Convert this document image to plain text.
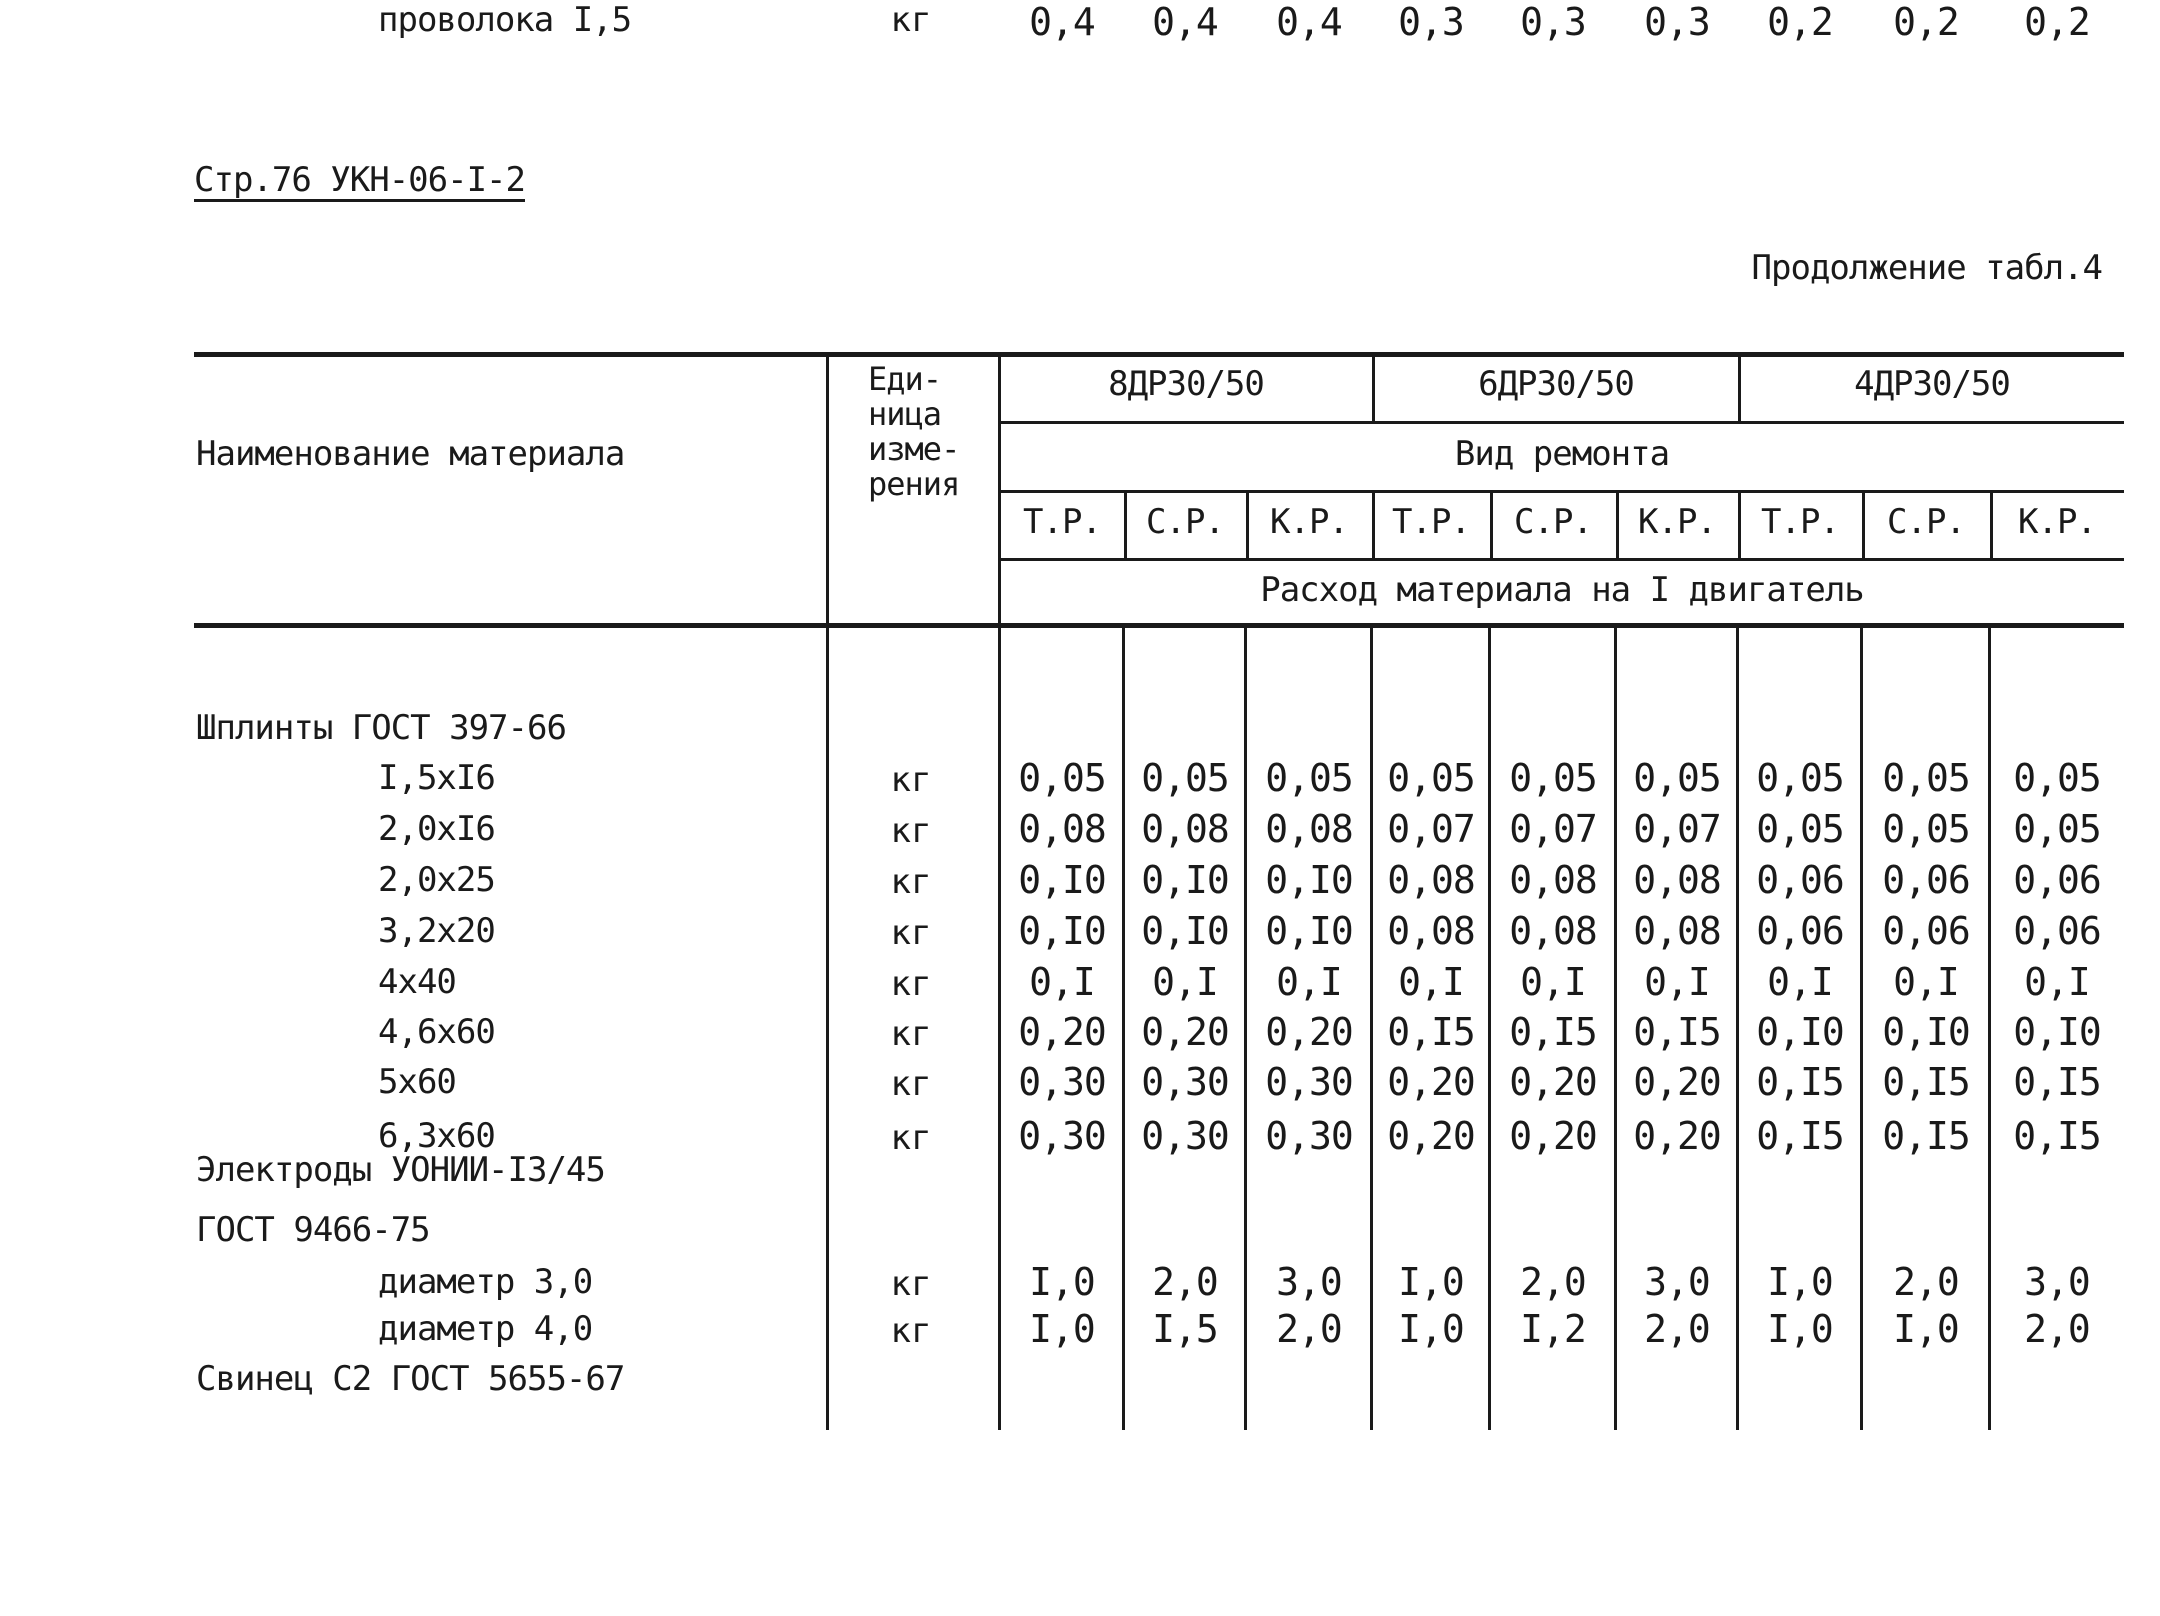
Стр.76 УКН-06-I-2
Продолжение табл.4
Наименование материала
Еди-
ница
изме-
рения
8ДР30/50	6ДР30/50	4ДР30/50
Вид ремонта
Расход материала на I двигатель
Т.Р.	С.Р.	К.Р.	Т.Р.	С.Р.	К.Р.	Т.Р.	С.Р.	К.Р.
Шплинты ГОСТ 397-66
I,5хI6	кг	0,05 0,05 0,05 0,05 0,05 0,05 0,05	0,05	0,05
2,0хI6	кг	0,08 0,08 0,08 0,07 0,07 0,07 0,05	0,05	0,05
2,0х25	кг	0,I0 0,I0 0,I0 0,08 0,08 0,08 0,06	0,06	0,06
3,2х20	кг	0,I0 0,I0 0,I0 0,08 0,08 0,08 0,06	0,06	0,06
4х40	кг	0,I	0,I	0,I	0,I	0,I	0,I	0,I	0,I	0,I
4,6х60	кг	0,20 0,20 0,20 0,I5 0,I5 0,I5 0,I0	0,I0	0,I0
5х60	кг	0,30 0,30 0,30 0,20 0,20 0,20 0,I5	0,I5	0,I5
6,3х60	кг	0,30 0,30 0,30 0,20 0,20 0,20 0,I5	0,I5	0,I5
Электроды УОНИИ-I3/45
ГОСТ 9466-75
диаметр 3,0	кг	I,0	2,0	3,0	I,0	2,0	3,0	I,0	2,0	3,0
диаметр 4,0	кг	I,0	I,5	2,0	I,0	I,2	2,0	I,0	I,0	2,0
Свинец С2 ГОСТ 5655-67
проволока I,5	кг	0,4	0,4	0,4	0,3	0,3	0,3	0,2	0,2	0,2
